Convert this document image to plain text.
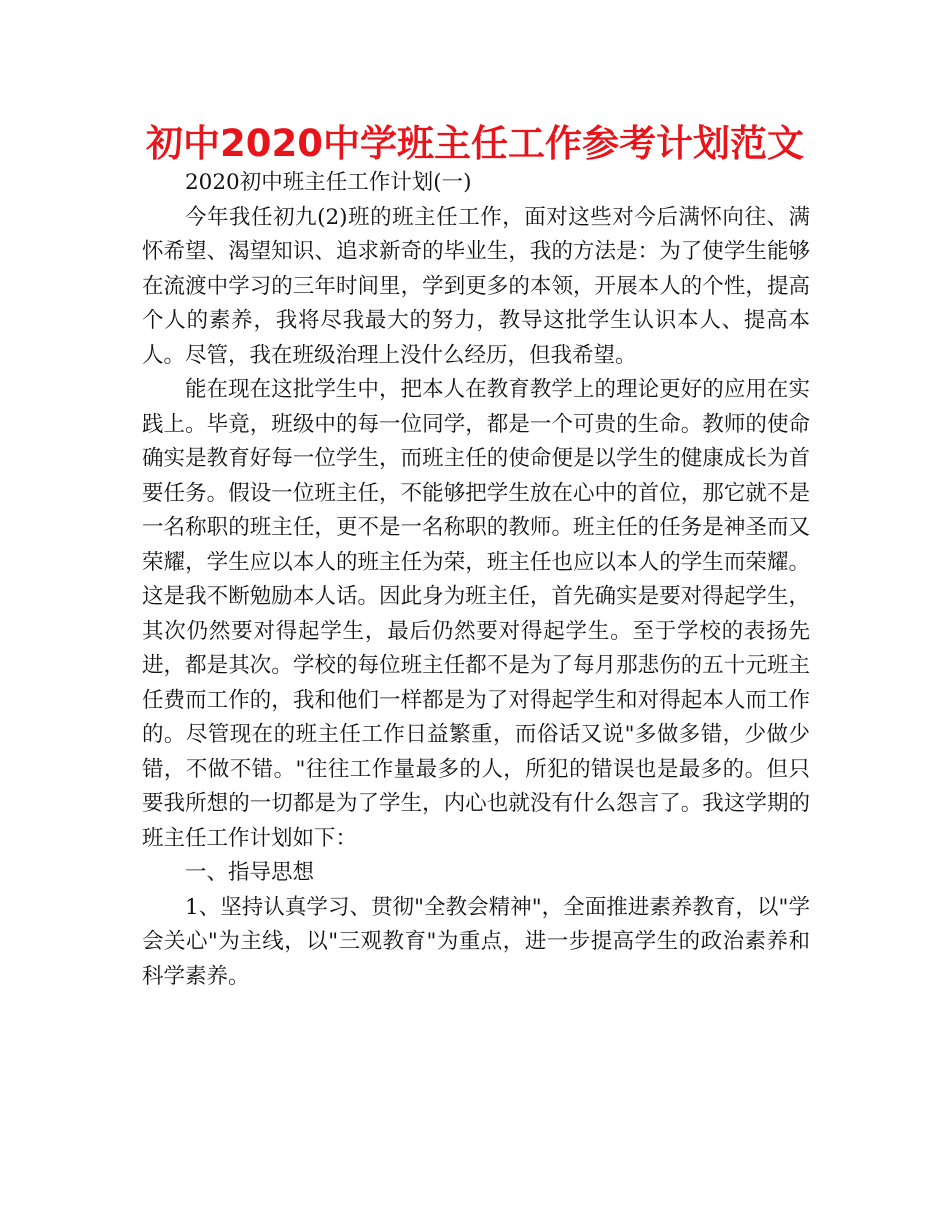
初中2020中学班主任工作参考计划范文

2020初中班主任工作计划(一)

今年我任初九(2)班的班主任工作，面对这些对今后满怀向往、满怀希望、渴望知识、追求新奇的毕业生，我的方法是：为了使学生能够在流渡中学习的三年时间里，学到更多的本领，开展本人的个性，提高个人的素养，我将尽我最大的努力，教导这批学生认识本人、提高本人。尽管，我在班级治理上没什么经历，但我希望。

能在现在这批学生中，把本人在教育教学上的理论更好的应用在实践上。毕竟，班级中的每一位同学，都是一个可贵的生命。教师的使命确实是教育好每一位学生，而班主任的使命便是以学生的健康成长为首要任务。假设一位班主任，不能够把学生放在心中的首位，那它就不是一名称职的班主任，更不是一名称职的教师。班主任的任务是神圣而又荣耀，学生应以本人的班主任为荣，班主任也应以本人的学生而荣耀。这是我不断勉励本人话。因此身为班主任，首先确实是要对得起学生，其次仍然要对得起学生，最后仍然要对得起学生。至于学校的表扬先进，都是其次。学校的每位班主任都不是为了每月那悲伤的五十元班主任费而工作的，我和他们一样都是为了对得起学生和对得起本人而工作的。尽管现在的班主任工作日益繁重，而俗话又说"多做多错，少做少错，不做不错。"往往工作量最多的人，所犯的错误也是最多的。但只要我所想的一切都是为了学生，内心也就没有什么怨言了。我这学期的班主任工作计划如下：

一、指导思想

1、坚持认真学习、贯彻"全教会精神"，全面推进素养教育，以"学会关心"为主线，以"三观教育"为重点，进一步提高学生的政治素养和科学素养。
